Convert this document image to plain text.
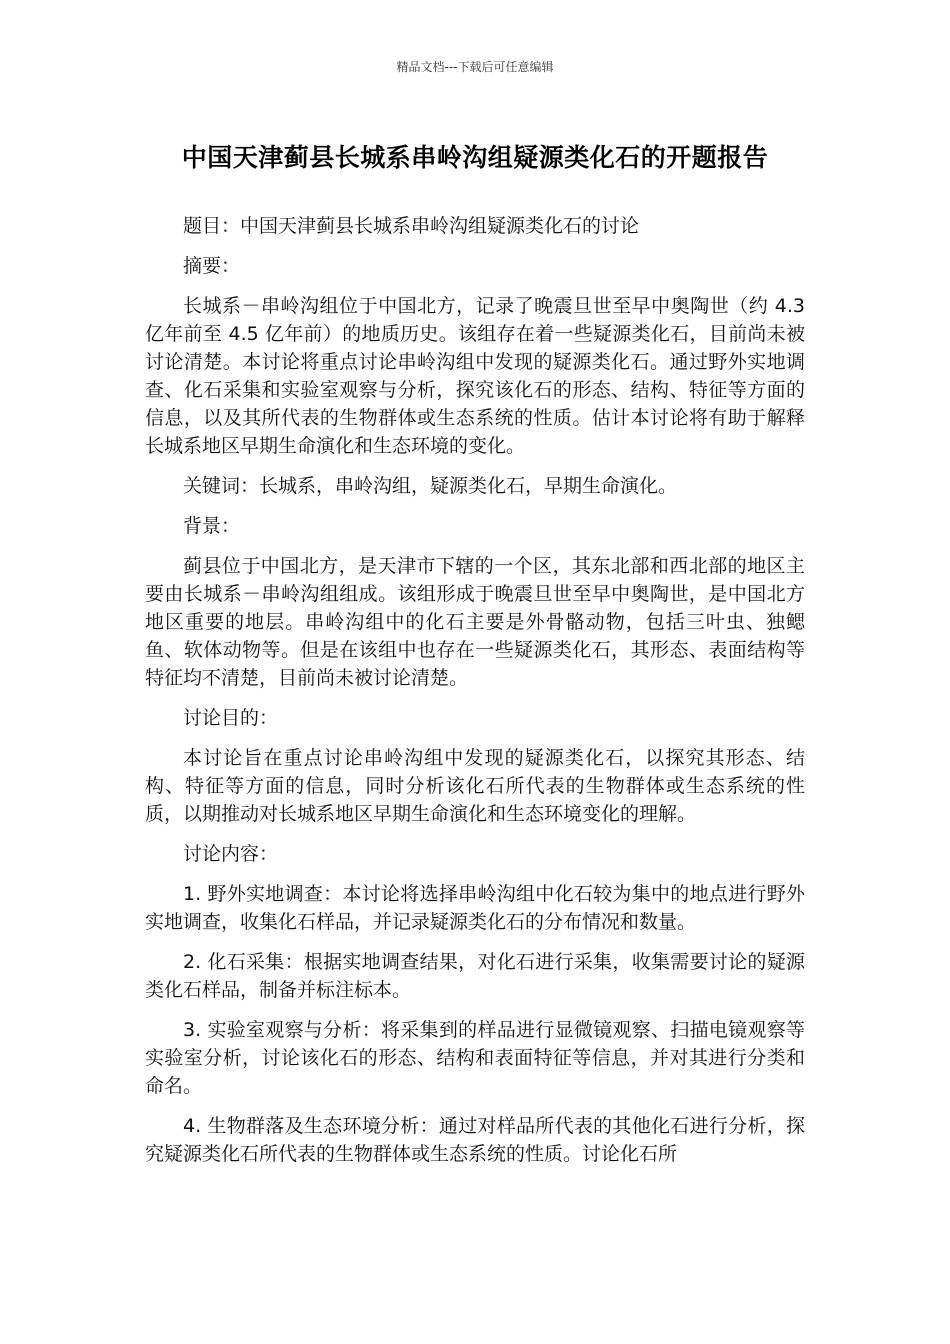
精品文档---下载后可任意编辑
中国天津蓟县长城系串岭沟组疑源类化石的开题报告

题目：中国天津蓟县长城系串岭沟组疑源类化石的讨论

摘要：

长城系－串岭沟组位于中国北方，记录了晚震旦世至早中奥陶世（约 4.3 亿年前至 4.5 亿年前）的地质历史。该组存在着一些疑源类化石，目前尚未被讨论清楚。本讨论将重点讨论串岭沟组中发现的疑源类化石。通过野外实地调查、化石采集和实验室观察与分析，探究该化石的形态、结构、特征等方面的信息，以及其所代表的生物群体或生态系统的性质。估计本讨论将有助于解释长城系地区早期生命演化和生态环境的变化。

关键词：长城系，串岭沟组，疑源类化石，早期生命演化。

背景：

蓟县位于中国北方，是天津市下辖的一个区，其东北部和西北部的地区主要由长城系－串岭沟组组成。该组形成于晚震旦世至早中奥陶世，是中国北方地区重要的地层。串岭沟组中的化石主要是外骨骼动物，包括三叶虫、独鳃鱼、软体动物等。但是在该组中也存在一些疑源类化石，其形态、表面结构等特征均不清楚，目前尚未被讨论清楚。

讨论目的：

本讨论旨在重点讨论串岭沟组中发现的疑源类化石，以探究其形态、结构、特征等方面的信息，同时分析该化石所代表的生物群体或生态系统的性质，以期推动对长城系地区早期生命演化和生态环境变化的理解。

讨论内容：

1. 野外实地调查：本讨论将选择串岭沟组中化石较为集中的地点进行野外实地调查，收集化石样品，并记录疑源类化石的分布情况和数量。

2. 化石采集：根据实地调查结果，对化石进行采集，收集需要讨论的疑源类化石样品，制备并标注标本。

3. 实验室观察与分析：将采集到的样品进行显微镜观察、扫描电镜观察等实验室分析，讨论该化石的形态、结构和表面特征等信息，并对其进行分类和命名。

4. 生物群落及生态环境分析：通过对样品所代表的其他化石进行分析，探究疑源类化石所代表的生物群体或生态系统的性质。讨论化石所
